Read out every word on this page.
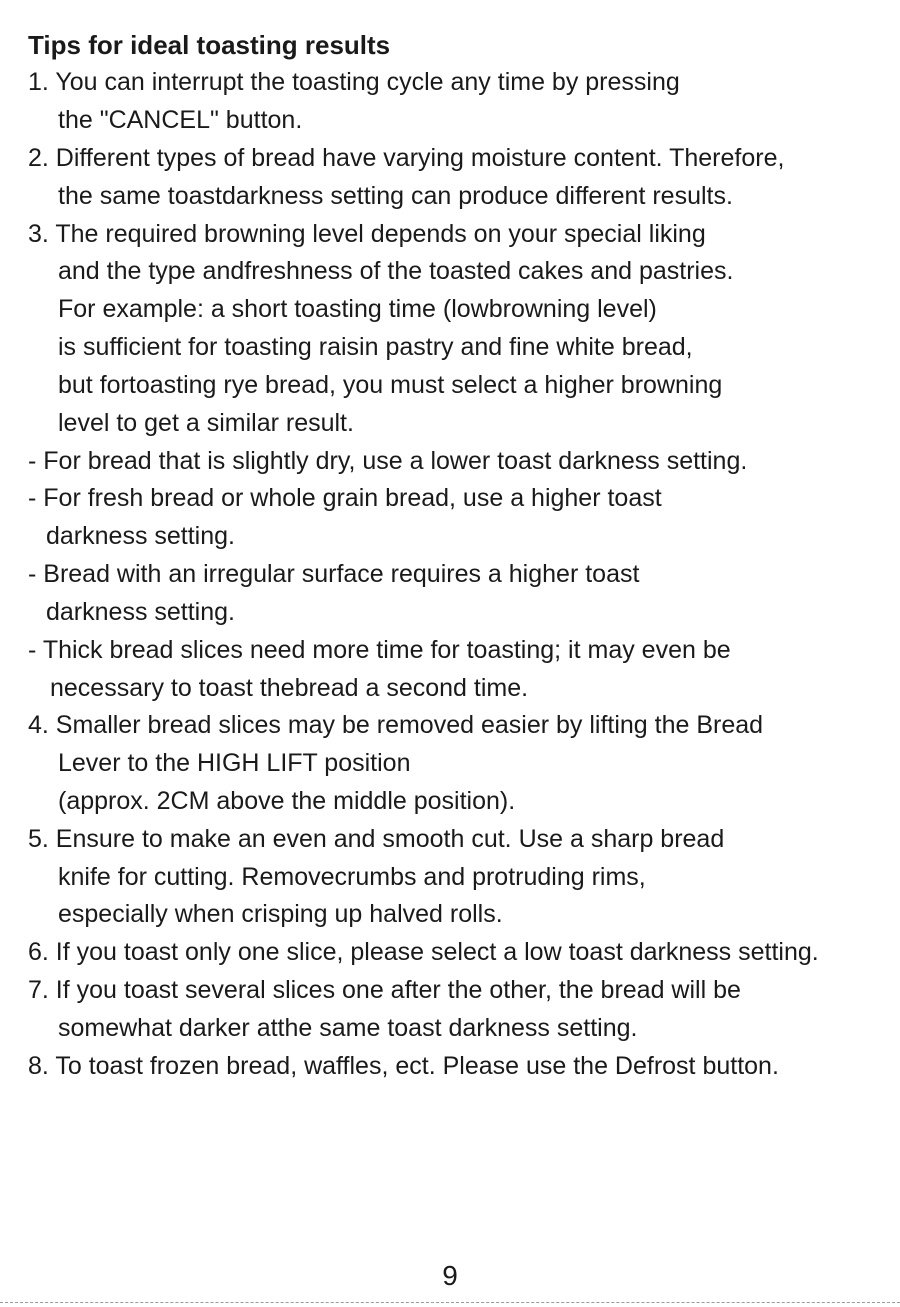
Tips for ideal toasting results
1. You can interrupt the toasting cycle any time by pressing
the "CANCEL" button.
2. Different types of bread have varying moisture content. Therefore,
the same toastdarkness setting can produce different results.
3. The required browning level depends on your special liking
and the type andfreshness of the toasted cakes and pastries.
For example: a short toasting time (lowbrowning level)
is sufficient for toasting raisin pastry and fine white bread,
but fortoasting rye bread, you must select a higher browning
level to get a similar result.
- For bread that is slightly dry, use a lower toast darkness setting.
- For fresh bread or whole grain bread, use a higher toast
darkness setting.
- Bread with an irregular surface requires a higher toast
darkness setting.
- Thick bread slices need more time for toasting; it may even be
necessary to toast thebread a second time.
4. Smaller bread slices may be removed easier by lifting the Bread
Lever to the HIGH LIFT position
(approx. 2CM above the middle position).
5. Ensure to make an even and smooth cut. Use a sharp bread
knife for cutting. Removecrumbs and protruding rims,
especially when crisping up halved rolls.
6. If you toast only one slice, please select a low toast darkness setting.
7. If you toast several slices one after the other, the bread will be
somewhat darker atthe same toast darkness setting.
8. To toast frozen bread, waffles, ect. Please use the Defrost button.
9
